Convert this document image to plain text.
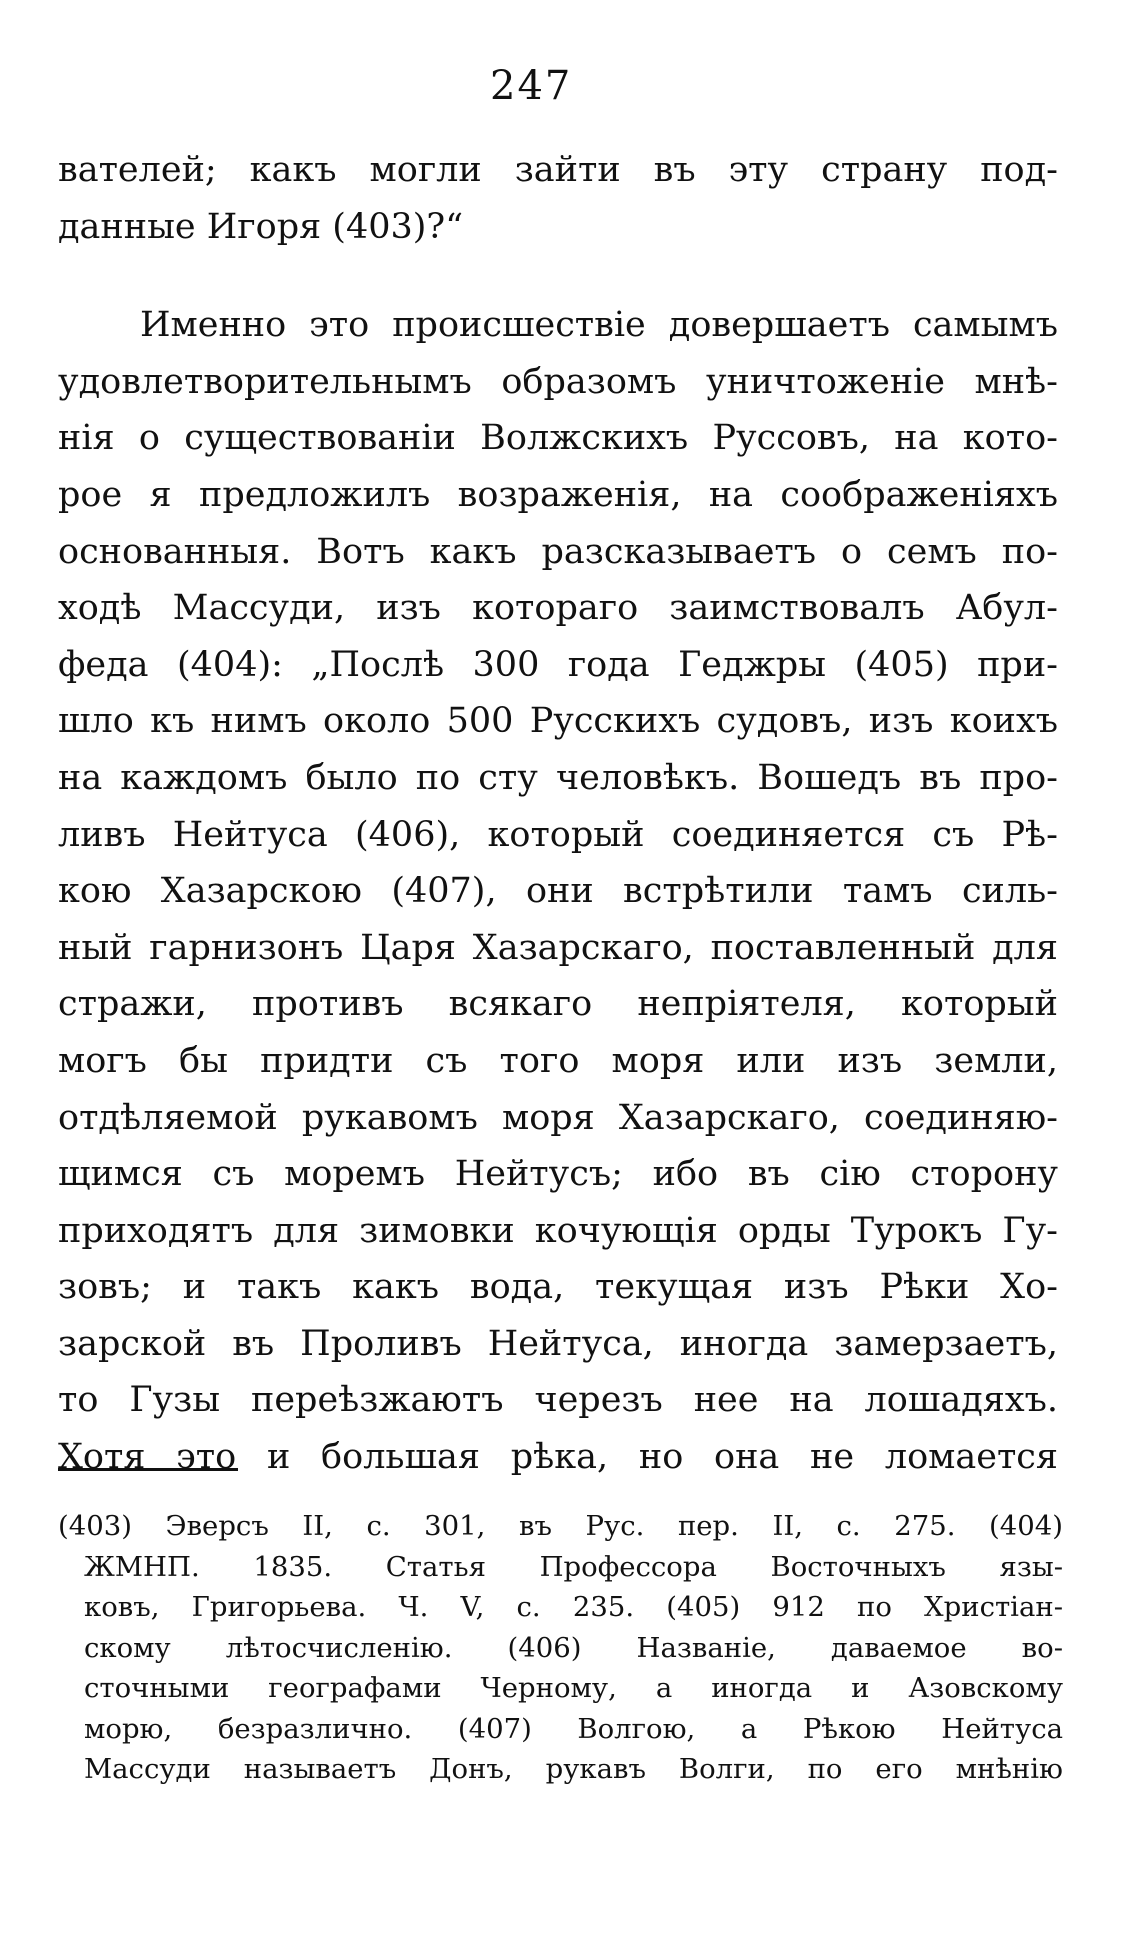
247
вателей; какъ могли зайти въ эту страну под-
данные Игоря (403)?“
Именно это происшествіе довершаетъ самымъ
удовлетворительнымъ образомъ уничтоженіе мнѣ-
нія о существованіи Волжскихъ Руссовъ, на кото-
рое я предложилъ возраженія, на соображеніяхъ
основанныя. Вотъ какъ разсказываетъ о семъ по-
ходѣ Массуди, изъ котораго заимствовалъ Абул-
феда (404): „Послѣ 300 года Геджры (405) при-
шло къ нимъ около 500 Русскихъ судовъ, изъ коихъ
на каждомъ было по сту человѣкъ. Вошедъ въ про-
ливъ Нейтуса (406), который соединяется съ Рѣ-
кою Хазарскою (407), они встрѣтили тамъ силь-
ный гарнизонъ Царя Хазарскаго, поставленный для
стражи, противъ всякаго непріятеля, который
могъ бы придти съ того моря или изъ земли,
отдѣляемой рукавомъ моря Хазарскаго, соединяю-
щимся съ моремъ Нейтусъ; ибо въ сію сторону
приходятъ для зимовки кочующія орды Турокъ Гу-
зовъ; и такъ какъ вода, текущая изъ Рѣки Хо-
зарской въ Проливъ Нейтуса, иногда замерзаетъ,
то Гузы переѣзжаютъ черезъ нее на лошадяхъ.
Хотя это и большая рѣка, но она не ломается
(403) Эверсъ II, с. 301, въ Рус. пер. II, с. 275. (404)
ЖМНП. 1835. Статья Профессора Восточныхъ язы-
ковъ, Григорьева. Ч. V, с. 235. (405) 912 по Христіан-
скому лѣтосчисленію. (406) Названіе, даваемое во-
сточными географами Черному, а иногда и Азовскому
морю, безразлично. (407) Волгою, а Рѣкою Нейтуса
Массуди называетъ Донъ, рукавъ Волги, по его мнѣнію
